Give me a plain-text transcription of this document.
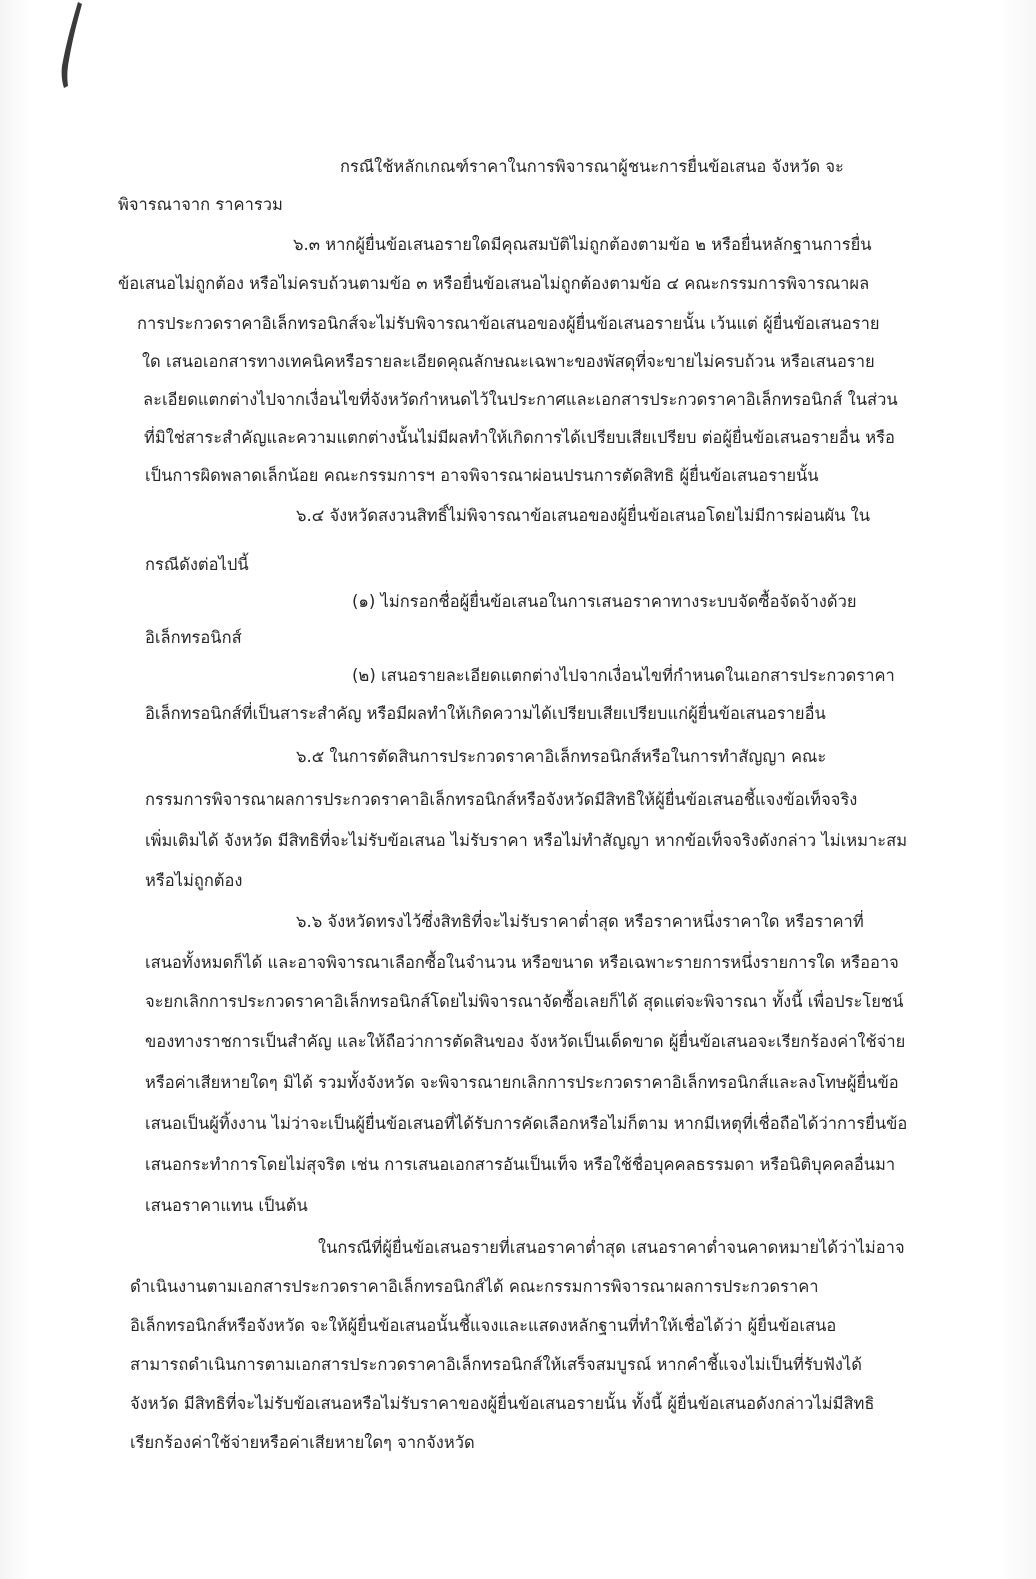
กรณีใช้หลักเกณฑ์ราคาในการพิจารณาผู้ชนะการยื่นข้อเสนอ จังหวัด จะ
พิจารณาจาก ราคารวม
๖.๓ หากผู้ยื่นข้อเสนอรายใดมีคุณสมบัติไม่ถูกต้องตามข้อ ๒ หรือยื่นหลักฐานการยื่น
ข้อเสนอไม่ถูกต้อง หรือไม่ครบถ้วนตามข้อ ๓ หรือยื่นข้อเสนอไม่ถูกต้องตามข้อ ๔ คณะกรรมการพิจารณาผล
การประกวดราคาอิเล็กทรอนิกส์จะไม่รับพิจารณาข้อเสนอของผู้ยื่นข้อเสนอรายนั้น เว้นแต่ ผู้ยื่นข้อเสนอราย
ใด เสนอเอกสารทางเทคนิคหรือรายละเอียดคุณลักษณะเฉพาะของพัสดุที่จะขายไม่ครบถ้วน หรือเสนอราย
ละเอียดแตกต่างไปจากเงื่อนไขที่จังหวัดกำหนดไว้ในประกาศและเอกสารประกวดราคาอิเล็กทรอนิกส์ ในส่วน
ที่มิใช่สาระสำคัญและความแตกต่างนั้นไม่มีผลทำให้เกิดการได้เปรียบเสียเปรียบ ต่อผู้ยื่นข้อเสนอรายอื่น หรือ
เป็นการผิดพลาดเล็กน้อย คณะกรรมการฯ อาจพิจารณาผ่อนปรนการตัดสิทธิ ผู้ยื่นข้อเสนอรายนั้น
๖.๔ จังหวัดสงวนสิทธิ์ไม่พิจารณาข้อเสนอของผู้ยื่นข้อเสนอโดยไม่มีการผ่อนผัน ใน
กรณีดังต่อไปนี้
(๑) ไม่กรอกชื่อผู้ยื่นข้อเสนอในการเสนอราคาทางระบบจัดซื้อจัดจ้างด้วย
อิเล็กทรอนิกส์
(๒) เสนอรายละเอียดแตกต่างไปจากเงื่อนไขที่กำหนดในเอกสารประกวดราคา
อิเล็กทรอนิกส์ที่เป็นสาระสำคัญ หรือมีผลทำให้เกิดความได้เปรียบเสียเปรียบแก่ผู้ยื่นข้อเสนอรายอื่น
๖.๕ ในการตัดสินการประกวดราคาอิเล็กทรอนิกส์หรือในการทำสัญญา คณะ
กรรมการพิจารณาผลการประกวดราคาอิเล็กทรอนิกส์หรือจังหวัดมีสิทธิให้ผู้ยื่นข้อเสนอชี้แจงข้อเท็จจริง
เพิ่มเติมได้ จังหวัด มีสิทธิที่จะไม่รับข้อเสนอ ไม่รับราคา หรือไม่ทำสัญญา หากข้อเท็จจริงดังกล่าว ไม่เหมาะสม
หรือไม่ถูกต้อง
๖.๖ จังหวัดทรงไว้ซึ่งสิทธิที่จะไม่รับราคาต่ำสุด หรือราคาหนึ่งราคาใด หรือราคาที่
เสนอทั้งหมดก็ได้ และอาจพิจารณาเลือกซื้อในจำนวน หรือขนาด หรือเฉพาะรายการหนึ่งรายการใด หรืออาจ
จะยกเลิกการประกวดราคาอิเล็กทรอนิกส์โดยไม่พิจารณาจัดซื้อเลยก็ได้ สุดแต่จะพิจารณา ทั้งนี้ เพื่อประโยชน์
ของทางราชการเป็นสำคัญ และให้ถือว่าการตัดสินของ จังหวัดเป็นเด็ดขาด ผู้ยื่นข้อเสนอจะเรียกร้องค่าใช้จ่าย
หรือค่าเสียหายใดๆ มิได้ รวมทั้งจังหวัด จะพิจารณายกเลิกการประกวดราคาอิเล็กทรอนิกส์และลงโทษผู้ยื่นข้อ
เสนอเป็นผู้ทิ้งงาน ไม่ว่าจะเป็นผู้ยื่นข้อเสนอที่ได้รับการคัดเลือกหรือไม่ก็ตาม หากมีเหตุที่เชื่อถือได้ว่าการยื่นข้อ
เสนอกระทำการโดยไม่สุจริต เช่น การเสนอเอกสารอันเป็นเท็จ หรือใช้ชื่อบุคคลธรรมดา หรือนิติบุคคลอื่นมา
เสนอราคาแทน เป็นต้น
ในกรณีที่ผู้ยื่นข้อเสนอรายที่เสนอราคาต่ำสุด เสนอราคาต่ำจนคาดหมายได้ว่าไม่อาจ
ดำเนินงานตามเอกสารประกวดราคาอิเล็กทรอนิกส์ได้ คณะกรรมการพิจารณาผลการประกวดราคา
อิเล็กทรอนิกส์หรือจังหวัด จะให้ผู้ยื่นข้อเสนอนั้นชี้แจงและแสดงหลักฐานที่ทำให้เชื่อได้ว่า ผู้ยื่นข้อเสนอ
สามารถดำเนินการตามเอกสารประกวดราคาอิเล็กทรอนิกส์ให้เสร็จสมบูรณ์ หากคำชี้แจงไม่เป็นที่รับฟังได้
จังหวัด มีสิทธิที่จะไม่รับข้อเสนอหรือไม่รับราคาของผู้ยื่นข้อเสนอรายนั้น ทั้งนี้ ผู้ยื่นข้อเสนอดังกล่าวไม่มีสิทธิ
เรียกร้องค่าใช้จ่ายหรือค่าเสียหายใดๆ จากจังหวัด
